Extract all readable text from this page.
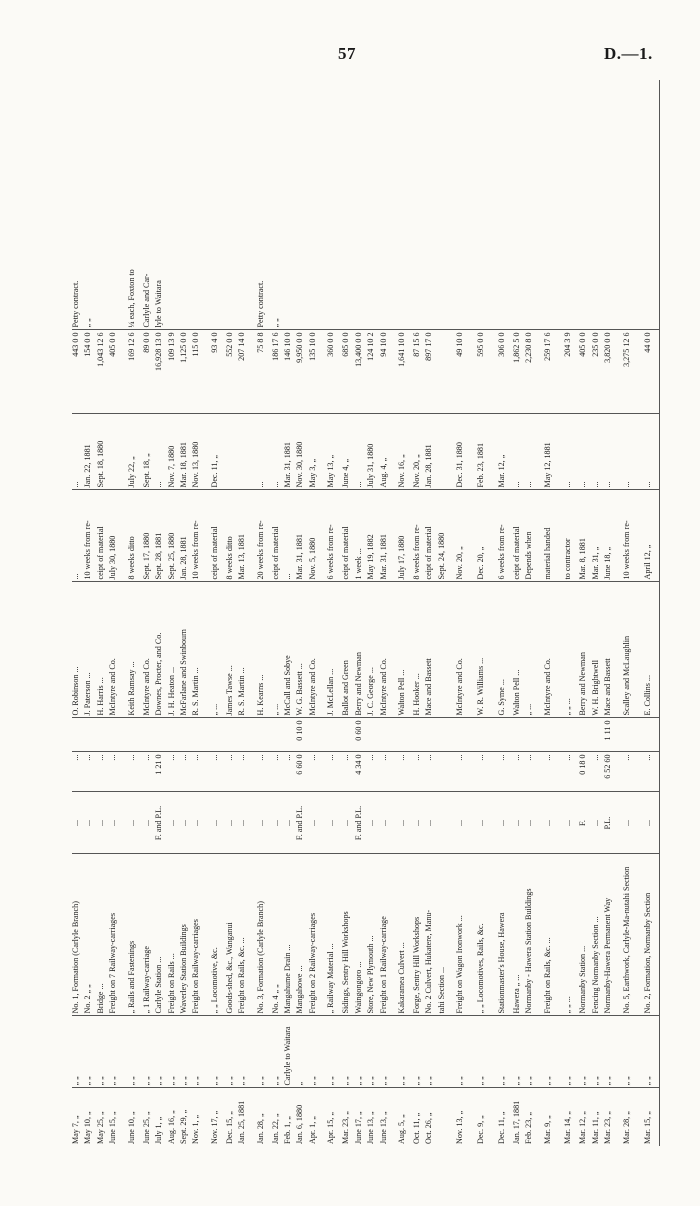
57	D.—1.
May 7, „	„ „	No. 1, Formation (Carlyle Branch)	...	...		O. Robinson ...	...	...	443 0 0	Petty contract.
May 10, „	„ „	No. 2 „ „	...	...		J. Paterson ...	10 weeks from re-	Jan. 22, 1881	154 0 0	„ „
May 25, „	„ „	Bridge ...	...	...		H. Harris ...	ceipt of material	Sept. 18, 1880	1,043 12 6	
June 15, „	„ „	Freight on 7 Railway-carriages	...	...		McIntyre and Co.	July 30, 1880		405 0 0	
June 10, „	„ „	„ Rails and Fastenings	...	...		Keith Ramsay ...	8 weeks ditto	July 22, „	169 12 6	¼ each, Foxton to
June 25, „	„ „	„ 1 Railway-carriage	...	...		McIntyre and Co.	Sept. 17, 1880	Sept. 18, „	89 0 0	Carlyle and Car-
July 1, „	„ „	Carlyle Station ...	F. and P.L.	1 21 0		Downes, Procter, and Co.	Sept. 28, 1881	...	16,928 13 0	lyle to Waitara
Aug. 16, „	„ „	Freight on Rails ...	...	...		J. H. Heaton ...	Sept. 25, 1880	Nov. 7, 1880	109 13 9	
Sept. 29, „	„ „	Waverley Station Buildings	...	...		McFarlane and Swinbourn	Jan. 28, 1881	Mar. 18, 1881	1,125 0 0	
Nov. 1, „	„ „	Freight on Railway-carriages	...	...		R. S. Martin ...	10 weeks from re-	Nov. 13, 1880	115 0 0	
Nov. 17, „	„ „	„ „ Locomotive, &c.	...	...		„ ...	ceipt of material	Dec. 11, „	93 4 0	
Dec. 15, „	„ „	Goods-shed, &c., Wanganui	...	...		James Tawse ...	8 weeks ditto		552 0 0	
Jan. 25, 1881	„ „	Freight on Rails, &c. ...	...	...		R. S. Martin ...	Mar. 13, 1881		207 14 0	
Jan. 28, „	„ „	No. 3, Formation (Carlyle Branch)	...	...		H. Kearns ...	20 weeks from re-	...	75 8 8	Petty contract.
Jan. 22, „	„ „	No. 4 „ „	...	...		„ ...	ceipt of material	...	186 17 6	„ „
Feb. 1, „	Carlyle to Waitara	Mangahume Drain ...	...	...		McCall and Sobye	...	Mar. 31, 1881	146 10 0	
Jan. 6, 1880	„	Mangahowe ...	F. and P.L.	6 60 0	0 10 0	W. G. Bassett ...	Mar. 31, 1881	Nov. 30, 1880	9,950 0 0	
Apr. 1, „	„ „	Freight on 2 Railway-carriages	...	...		McIntyre and Co.	Nov. 5, 1880	May 3, „	135 10 0	
Apr. 15, „	„ „	„ Railway Material ...	...	...		J. McLellan ...	6 weeks from re-	May 13, „	360 0 0	
Mar. 23, „	„ „	Sidings, Sentry Hill Workshops	...	...		Ballot and Green	ceipt of material	June 4, „	685 0 0	
June 17, „	„ „	Waingongoro ...	F. and P.L.	4 34 0	0 60 0	Berry and Newman	1 week ...	...	13,400 0 0	
June 13, „	„ „	Store, New Plymouth ...	...	...		J. C. George ...	May 19, 1882	July 31, 1880	124 10 2	
June 13, „	„ „	Freight on 1 Railway-carriage	...	...		McIntyre and Co.	Mar. 31, 1881	Aug. 4, „	94 10 0	
Aug. 5, „	„ „	Kakaramea Culvert ...	...	...		Walton Pell ...	July 17, 1880	Nov. 16, „	1,641 10 0	
Oct. 11, „	„ „	Forge, Sentry Hill Workshops	...	...		H. Hooker ...	8 weeks from re-	Nov. 20, „	87 15 6	
Oct. 26, „	„ „	No. 2 Culvert, Hukatere, Manu-	...	...		Mace and Bassett	ceipt of material	Jan. 28, 1881	897 17 0	
		tahi Section ...					Sept. 24, 1880			
Nov. 13, „	„ „	Freight on Wagon Ironwork ...	...	...		McIntyre and Co.	Nov. 20, „	Dec. 31, 1880	49 10 0	
Dec. 9, „	„ „	„ „ Locomotives, Rails, &c.	...	...		W. R. Williams ...	Dec. 20, „	Feb. 23, 1881	595 0 0	
Dec. 11, „	„ „	Stationmaster's House, Hawera	...	...		G. Syme ...	6 weeks from re-	Mar. 12, „	306 0 0	
Jan. 17, 1881	„ „	Hawera „ ...	...	...		Walton Pell ...	ceipt of material	...	1,862 5 0	
Feb. 23, „	„ „	Normanby - Hawera Station Buildings	...	...		„ ...	Depends when	...	2,230 8 0	
Mar. 9, „	„ „	Freight on Rails, &c. ...	...	...		McIntyre and Co.	material handed	May 12, 1881	259 17 6	
Mar. 14, „	„ „	„ „ ...	...	...		„ „ ...	to contractor	...	204 3 9	
Mar. 12, „	„ „	Normanby Station ...	F.	0 18 0		Berry and Newman	Mar. 8, 1881	...	405 0 0	
Mar. 11, „	„ „	Fencing Normanby Section ...	...	...		W. H. Brightwell	Mar. 31, „	...	235 0 0	
Mar. 23, „	„ „	Normanby-Hawera Permanent Way	P.L.	6 52 60	1 11 0	Mace and Bassett	June 18, „	...	3,820 0 0	
Mar. 28, „	„ „	No. 5, Earthwork, Carlyle-Ma-nutahi Section	...	...		Scalley and McLaughlin	10 weeks from re-	...	3,275 12 6	
Mar. 15, „	„ „	No. 2, Formation, Normanby Section	...	...		E. Collins ...	April 12, „	...	44 0 0	
